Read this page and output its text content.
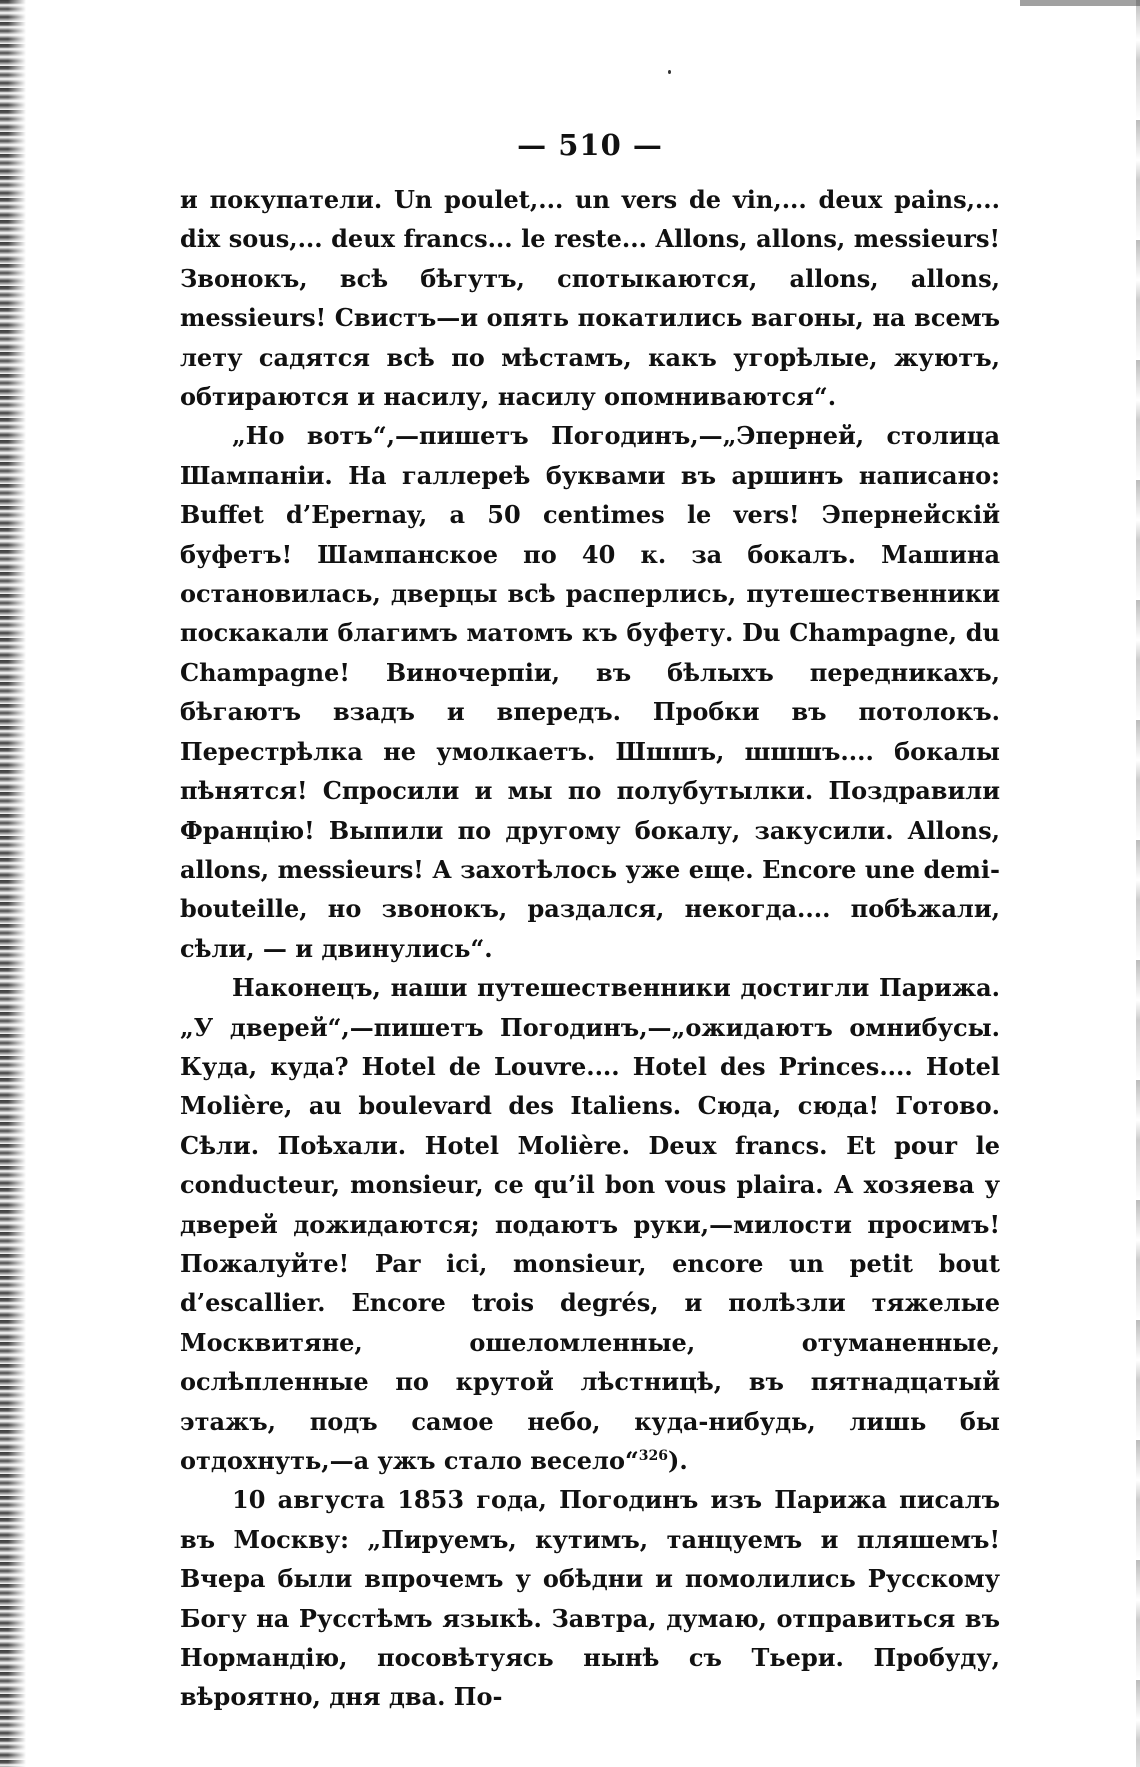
— 510 —

и покупатели. Un poulet,... un vers de vin,... deux pains,... dix sous,... deux francs... le reste... Allons, allons, messieurs! Звонокъ, всѣ бѣгутъ, спотыкаются, allons, allons, messieurs! Свистъ—и опять покатились вагоны, на всемъ лету садятся всѣ по мѣстамъ, какъ угорѣлые, жуютъ, обтираются и насилу, насилу опомниваются“.

„Но вотъ“,—пишетъ Погодинъ,—„Эперней, столица Шампаніи. На галлереѣ буквами въ аршинъ написано: Buffet d’Epernay, а 50 centimes le verѕ! Эпернейскій буфетъ! Шампанское по 40 к. за бокалъ. Машина остановилась, дверцы всѣ расперлись, путешественники поскакали благимъ матомъ къ буфету. Du Champagne, du Champagne! Виночерпіи, въ бѣлыхъ передникахъ, бѣгаютъ взадъ и впередъ. Пробки въ потолокъ. Перестрѣлка не умолкаетъ. Шшшъ, шшшъ.... бокалы пѣнятся! Спросили и мы по полубутылки. Поздравили Францію! Выпили по другому бокалу, закусили. Allons, allons, messieurs! А захотѣлось уже еще. Encore une demi-bouteille, но звонокъ, раздался, некогда.... побѣжали, сѣли, — и двинулись“.

Наконецъ, наши путешественники достигли Парижа. „У дверей“,—пишетъ Погодинъ,—„ожидаютъ омнибусы. Куда, куда? Hotel de Louvre.... Hotel des Princes.... Hotel Molière, au boulevard des Italiens. Сюда, сюда! Готово. Сѣли. Поѣхали. Hotel Molière. Deux francs. Et pour le conducteur, monsieur, ce qu’il bon vous plaira. А хозяева у дверей дожидаются; подаютъ руки,—милости просимъ! Пожалуйте! Par ici, monsieur, encore un petit bout d’escallier. Encore trois degrés, и полѣзли тяжелые Москвитяне, ошеломленные, отуманенные, ослѣпленные по крутой лѣстницѣ, въ пятнадцатый этажъ, подъ самое небо, куда-нибудь, лишь бы отдохнуть,—а ужъ стало весело“$^{326}$).

10 августа 1853 года, Погодинъ изъ Парижа писалъ въ Москву: „Пируемъ, кутимъ, танцуемъ и пляшемъ! Вчера были впрочемъ у обѣдни и помолились Русскому Богу на Русстѣмъ языкѣ. Завтра, думаю, отправиться въ Нормандію, посовѣтуясь нынѣ съ Тьери. Пробуду, вѣроятно, дня два. По-
